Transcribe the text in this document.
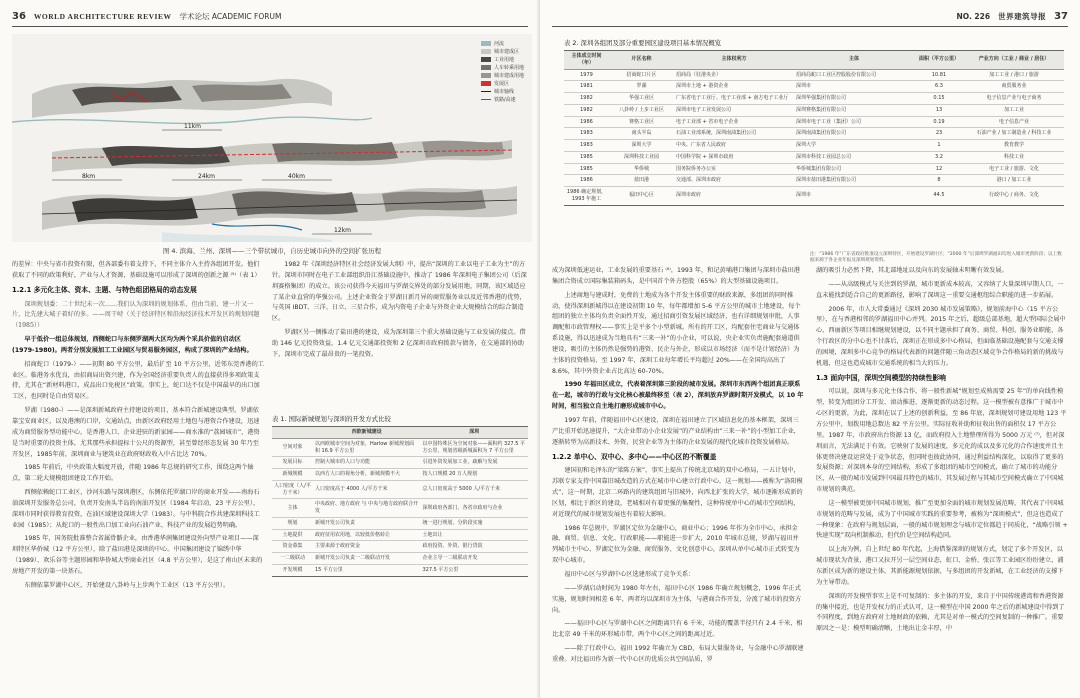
36 WORLD ARCHITECTURE REVIEW 学术论坛 ACADEMIC FORUM
11km
8km	24km	40km
12km
河流
城市建成区
工业用地
人车转乘用地
城市建成用地
发展区
城市轴线
铁路/高速
图 4. 滨海、兰州、深圳——三个带状城市，自历史城市向外的空间扩张历程

的差异：中央与省市投资有限，但各部委有着支持下，不同主体介入主持各组团开发。他们获取了不同的政策利好，产业与人才资源，基础设施可以形成了深圳的创新之源 ⁽⁵⁾（表 1）

1.2.1 多元化主体、资本、主题、与特色组团格局的动态发展

深圳规划委：二十世纪末一次……我们认为深圳的规划体系，但由当前、建一片又一片，比先建大城子着好的多。——周干峙（关于经济特区和沿海经济技术开发区的规划问题（1985））

早于低价一组总体规划，西侧蛇口与东侧罗湖两大区均为两个采具价值的启动区 (1979-1980)。两者分别发展加工工业园区与贸易服务园区，构成了深圳的产业结构。

招商蛇口（1979-）——初期 80 平方公里，最后扩至 10 平方公里，近邻东莞香港的工业区。临港务水优良，由招商局出资兴建，作为全国经济重要负责人的直接获得多项政策支持，尤其在“新材料港口，成品出口免税区”政策。事实上，蛇口达不仅是中国最早的出口加工区，也同时是自由贸易区。

罗湖（1980-）——是深圳新城政府主持建设的项目，基本符合新城建设典型。罗湖依靠宝安商业区，以及港澳的口岸，交通站点，由新区政府经用土地包与港资合作建设，迅速成为商贸服务型功能中心，是香港人口、企业进驻的新家园——商水准的“荔园城市”，港资是当时重要的投资主体，尤其那些承担提标十公尺的资源型，甚至曾经形态发展 30 年乃至开发区，1985年前，深圳商业与建筑业在政府财政收入中占比达 70%。

1985 年前后，中央政策大幅度开放，伴随 1986 年总规的研究工作，围绕这两个轴点，第二轮大规模组团建设工作开始。

西侧依赖蛇口工业区、沙河东路与深圳港区，东侧依托罗湖口岸的商业开发——南海石油深圳开发服务总公司，负责开发南头半岛的南油开发区（1984 年启动，23 平方公里），深圳市同时获得教育投资，在油区域建设深圳大学（1983）。与中科院合作共建深圳科技工业园（1985）；从蛇口的一般性出口加工业向石油产业、科技产业的发展趋势明确。

1985 年，国务院批准整合省属骨骼企业，由香港华润集团建设外向型产业项目——深圳特区华侨城（12 平方公里），除了盐田港是深圳的中心。中国集团建设了锦绣中华（1989）、欢乐谷等主题形园和华侨城大型商业社区（4.8 平方公里），是这了南山区未来的房地产开发的第一块基石。

东侧依靠罗湖中心区，开始建设八卦岭与上步两个工业区（13 平方公里）。

1982 年《深圳经济特区社会经济发展大纲》中，提出“深圳的工业以电子工业为主”的方针。深圳市同时在电子工业部组织沿江基础设施中，推动了 1986 年深圳电子集团公司（后深圳赛格集团）的成立。该公司获得今天福田与罗湖交界处的部分发展用地，同期，该区域适应了某企业直营的华强公司。上述企业资金于罗湖日新月异的商贸服务业以及近邻香港的优势，与英国 IBDT、三洋、日立、三星合作，成为内资电子企业与外资企业大规模结合的综合制造区。

罗湖区另一侧推动了盐田港的建设，成为深圳第三个重大基础设施与工业发展的接点。借助 146 亿元投资效益，1.4 亿元交通部投资和 2 亿深圳市政府拨款与债务，在交通部的协助下，深圳市完成了最昂贵的一笔投资。

表 1. 国际新城规划与深圳的开发方式比较
	西欧新城建设	深圳
空间对象	以西欧城市空间为对象，Harlow 新城规划面积 16.9 平方公里	以中国特殊区为空间对象——面积约 327.5 平方公里，规划省级新城面积为 7 平方公里
发展目标	控制大城市的人口与功能	引进外资发展加工业，疏解与发展
新城规模	以西方人口的视角分析，新城规模不大	按人口规模 20 万人规划
人口密度（人/平方千米）	人口密度高于 4000 人/平方千米	总人口密度高于 5000 人/平方千米
主体	中央政府、地方政府 与 中央与地方政府联合开发	深圳政府各部门、各省市政府与企业
规划	新城开发公司负责	统一进行规划，分阶段实施
土地提供	政府征用农用地，以较低价格转让	土地出让
资金募集	主要来源于政府资金	政府投资、外资、银行贷款
一二级联动	新城开发公司负责一二级联动开发	企业主导一二级联动开发
开发规模	15 平方公里	327.5 平方公里
NO. 226 世界建筑导报 37
表 2. 深圳各组团及部分重要园区建设项目基本情况概览
主体成立时间（年）	片区名称	主体权利方	主体	面积（平方公里）	产业方向（工业 / 商业 / 居住）
1979	招商蛇口片区	招商局（驻港央企）	招商局蛇口工业区控股股份有限公司	10.81	加工工业 / 港口 / 旅游
1981	罗湖	深圳市土地 + 港资企业	深圳市	6.3	商贸服务业
1982	华强工业区	广东省电子工业厅、电子工业部 + 南方电子工业厅	深圳华强集团有限公司	0.15	电子信息产业与电子商务
1982	八卦岭 / 上步工业区	深圳市电子工业发展公司	深圳赛格集团有限公司	13	加工工业
1986	赛格工业区	电子工业部 + 省市电子企业	深圳市电子工业（集团）公司	0.19	电子信息产业
1983	南头半岛	石油工业部系统，深圳南油集团公司	深圳南油集团有限公司	23	石油产业 / 加工制造业 / 科技工业
1983	深圳大学	中央、广东省人民政府	深圳大学	1	教育教学
1985	深圳科技工业园	中国科学院 + 深圳市政府	深圳市科技工业园总公司	3.2	科技工业
1985	华侨城	国务院侨务办公室	华侨城集团有限公司	12	电子工业 / 旅游、文化
1986	盐田港	交通部、深圳市政府	深圳市盐田港集团有限公司	8	港口 / 加工工业
1986 确定规划，1993 年施工	福田中心区	深圳市政府	深圳市	44.5	行政中心 / 商务、文化
注：“1986 年”广东省政府批准设立深圳特区，开始建设罗湖片区；“2000 年”后深圳罗湖福田均进入城市更新阶段；以上数据来源于各企业年报及深圳规划资料。

成为深圳低速运业，工业发展的重要基石 ⁽⁶⁾，1993 年，和记黄埔港口集团与深圳市盐田港集团合资成立国际集装箱码头，是中国首个外方控股（65%）的大型基础设施项目。

上述商地与建成时，免费的土地成为各个开发主体重要的财政来源，多组团的同时推动，使得深圳新城得以在建设初期 10 年，每年都增加 5-6 平方公里的城市土地建设，每个组团的独立主体均负责全面性开发，通过招商引资发展区域经济，也有详细规划审批，人事调配和市政管理权——事实上是平多个小型新城。所有的开工区，均配套住宅商业与交通体系设施，得以迅速成为当地具有“三来一补”的小企业，可以说，央企业实负责施配套通道供建设，吸引的主体仍然是强势的港资、民企与外企，形成以市场经济（而不是计划经济）为主体的投资格局，至 1997 年，深圳工业每年增长平均超过 20%——在全国均高出了 8.6%，其中外资企业占比高达 60-70%。

1990 年福田区成立，代表着深圳第三阶段的城市发展。深圳市东西两个组团真正联系在一起，城市的行政与文化核心被最终移至（表 2），深圳放弃罗湖时期开发模式，以 10 年时间，相当独立自主地打磨形成城市中心。

1997 年前，伴随福田中心区建设，深圳在福田建立了区域信息化的基本框架，深圳三产比重开始迅速提升，“大企业带动小企业发展”的产业结构由“三来一补”的小型加工企业，逐渐转型为高新技术、外资、民营企业等为主体的企业发展的现代化城市投资发展格局。

1.2.2 单中心、双中心、多中心——中心区的不断覆盖

建国初和毛泽东的“梁陈方案”，事实上提出了传统北京城的双中心格局，一五计划中，苏联专家支持中国靠旧城改造的方式在城市中心建立行政中心，这一规划——被称为“洛阳模式”，这一时期，北京二环路内的建筑组团与旧城外，向西北扩张的大学，城市逐渐形成新的区划，相比于新区的建设，老城相对有着更强的集聚性，这种传统单中心的城市空间结构，对近现代的城市规划发展也有着较大影响。

1986 年总规中，罗湖区定位为金融中心，商业中心；1996 年作为全市中心，承担金融、商贸、信息、文化、行政职能——职能进一步扩大，2010 年城市总规，罗湖与福田并列城市主中心，罗湖定位为金融、商贸服务、文化创意中心，深圳从单中心城市正式转变为双中心城市。

福田中心区与罗湖中心区选建形成了竞争关系：

——罗湖启动时间为 1980 年左右，福田中心区 1986 年确立规划概念，1996 年正式实施，规划时间相差 6 年，两者均以深圳市为主体，与港商合作开发，分流了城市的投资方向。

——福田中心区与罗湖中心区之间距离只有 6 千米，功能的覆盖半径只有 2.4 千米，相比北京 49 千米的环形城市带，两个中心区之间的距离过近。

——除了行政中心，福田 1992 年确立为 CBD，布局大量服务业，与金融中心罗湖联建重叠。对比福田作为新一代中心区的优质公共空间品质，罗

湖的吸引力必然下降，其北部地址以及向东的发展轴未明晰有效发展。

——从高级模式与关注到的罗湖，城市更新成本较高，又容纳了大量深圳早期人口，一直未能找到适合自己的更新路径，影响了深圳这一重要交通枢纽综合职能的进一步拓展。

2006 年，市人大常委通过《深圳 2030 城市发展策略》，规划前海中心（15 平方公里），在与香港相邻的罗湖福田中心并列。2015 年之后，超级总部基地，超大型国际会展中心、西丽新区等项目相继规划建设，以不同主题承担了商务、商贸、科创、服务业职能，各个行政区的分中心也不甘落后，深圳正在形成多中心格局，但面临基础设施配套与交通支撑的困境，深圳多中心竞争的格局代表新的问题伴随三角动态区域竞争合作格局的新的挑战与机遇，但这也造成城市交通系统的相当大的压力。

1.3 面向中国，深圳空间模型的持续性影响

可以说，深圳与多元化主体合作，将一般性新城“规划至成熟需要 25 年”的单向线性模型，转变为组团分工开发、滚动推进、逐渐更新的动态过程。这一模型被有意推广于城市中心区的更新，为此，深圳在以了上述的创新利益，至 86 年底，深圳规划可建设用地 123 平方公里中，划拨用地总数达 82 平方公里。实际征收补助和征收出售的面积仅 17 平方公里。1987 年，市政府出台资源 13 亿，而政府投入土地整理所得为 5000 万元 ⁽⁷⁾，但对深圳而言，无法满足于有效。它映射了发展的速度，多元化的成以及多元化的合作速度并且主体更替决建设运营处于竞争状态，但同时也彼此协同，通过利益结构深化，以取得了更多的发展资源；对深圳本身的空间结构，形成了多组团的城市空间模式，确立了城市的功能分区，从一般的城市发展到中国最具特色的城市，其发展过程与其城市空间模式确立了中国城市规划的典范。

这一模型被更加中国城市规划，推广至更加全面的城市规划发展范畴，其代表了中国城市规划的范畴与发展，成为了中国城市实践的重要参考，被称为“深圳模式”，但这也造成了一种现象：在政府与规划层面，一般的城市规划理念与城市定位都趋于同质化，“战略引领 + 快速实现”双向机制推动，但代价是空间结构趋同。

以上海为例，自上世纪 80 年代起，上海借鉴深圳的规划方式，划定了多个开发区，以城市现状为背景，港口又拉开另一层空间业态，虹口、金桥、张江等工业园区纷纷建立，浦东新区成为新的建设主体，其新能源规划依据，与多组团的开发新城，在工业经济的支撑下为主导带动。

深圳的开发模型事实上是不可复制的：多主体的开发，来自于中国传统港湾和香港资源的集中接近，也是开发权力的正式认可，这一模型在中国 2000 年之后的新城建设中得到了不同程度，到地方政府对土地财政的依赖，尤其是对单一模式的空间复制的一种推广。重要原因之一是：模型明确清晰，土地出让金丰厚，中
